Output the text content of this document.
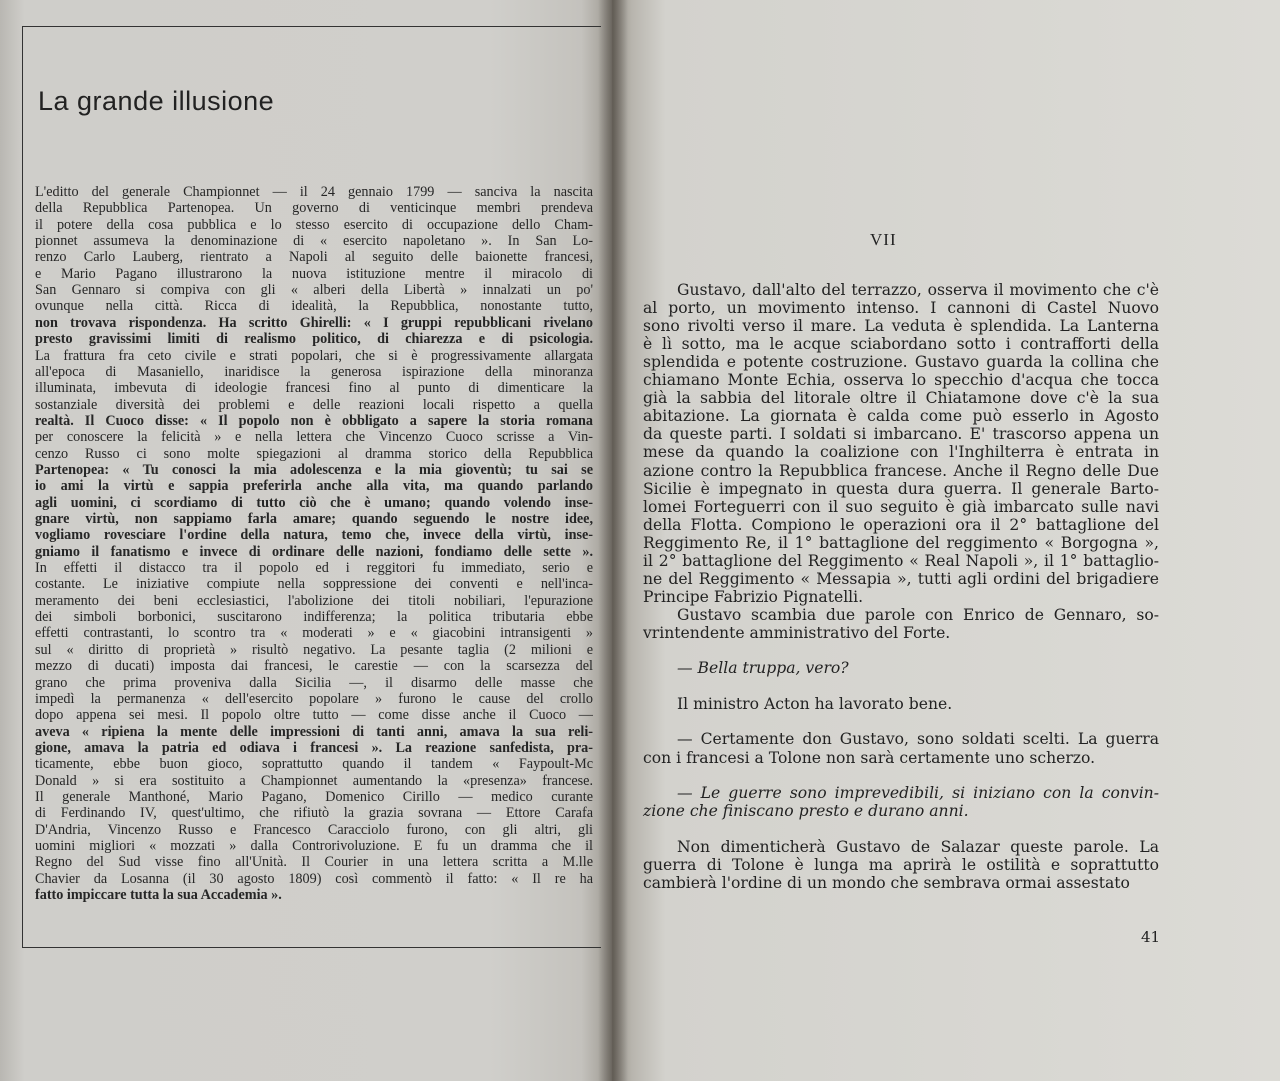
La grande illusione
L'editto del generale Championnet — il 24 gennaio 1799 — sanciva la nascita
della Repubblica Partenopea. Un governo di venticinque membri prendeva
il potere della cosa pubblica e lo stesso esercito di occupazione dello Cham-
pionnet assumeva la denominazione di « esercito napoletano ». In San Lo-
renzo Carlo Lauberg, rientrato a Napoli al seguito delle baionette francesi,
e Mario Pagano illustrarono la nuova istituzione mentre il miracolo di
San Gennaro si compiva con gli « alberi della Libertà » innalzati un po'
ovunque nella città. Ricca di idealità, la Repubblica, nonostante tutto,
non trovava rispondenza. Ha scritto Ghirelli: « I gruppi repubblicani rivelano
presto gravissimi limiti di realismo politico, di chiarezza e di psicologia.
La frattura fra ceto civile e strati popolari, che si è progressivamente allargata
all'epoca di Masaniello, inaridisce la generosa ispirazione della minoranza
illuminata, imbevuta di ideologie francesi fino al punto di dimenticare la
sostanziale diversità dei problemi e delle reazioni locali rispetto a quella
realtà. Il Cuoco disse: « Il popolo non è obbligato a sapere la storia romana
per conoscere la felicità » e nella lettera che Vincenzo Cuoco scrisse a Vin-
cenzo Russo ci sono molte spiegazioni al dramma storico della Repubblica
Partenopea: « Tu conosci la mia adolescenza e la mia gioventù; tu sai se
io ami la virtù e sappia preferirla anche alla vita, ma quando parlando
agli uomini, ci scordiamo di tutto ciò che è umano; quando volendo inse-
gnare virtù, non sappiamo farla amare; quando seguendo le nostre idee,
vogliamo rovesciare l'ordine della natura, temo che, invece della virtù, inse-
gniamo il fanatismo e invece di ordinare delle nazioni, fondiamo delle sette ».
In effetti il distacco tra il popolo ed i reggitori fu immediato, serio e
costante. Le iniziative compiute nella soppressione dei conventi e nell'inca-
meramento dei beni ecclesiastici, l'abolizione dei titoli nobiliari, l'epurazione
dei simboli borbonici, suscitarono indifferenza; la politica tributaria ebbe
effetti contrastanti, lo scontro tra « moderati » e « giacobini intransigenti »
sul « diritto di proprietà » risultò negativo. La pesante taglia (2 milioni e
mezzo di ducati) imposta dai francesi, le carestie — con la scarsezza del
grano che prima proveniva dalla Sicilia —, il disarmo delle masse che
impedì la permanenza « dell'esercito popolare » furono le cause del crollo
dopo appena sei mesi. Il popolo oltre tutto — come disse anche il Cuoco —
aveva « ripiena la mente delle impressioni di tanti anni, amava la sua reli-
gione, amava la patria ed odiava i francesi ». La reazione sanfedista, pra-
ticamente, ebbe buon gioco, soprattutto quando il tandem « Faypoult-Mc
Donald » si era sostituito a Championnet aumentando la «presenza» francese.
Il generale Manthoné, Mario Pagano, Domenico Cirillo — medico curante
di Ferdinando IV, quest'ultimo, che rifiutò la grazia sovrana — Ettore Carafa
D'Andria, Vincenzo Russo e Francesco Caracciolo furono, con gli altri, gli
uomini migliori « mozzati » dalla Controrivoluzione. E fu un dramma che il
Regno del Sud visse fino all'Unità. Il Courier in una lettera scritta a M.lle
Chavier da Losanna (il 30 agosto 1809) così commentò il fatto: « Il re ha
fatto impiccare tutta la sua Accademia ».
VII
Gustavo, dall'alto del terrazzo, osserva il movimento che c'è
al porto, un movimento intenso. I cannoni di Castel Nuovo
sono rivolti verso il mare. La veduta è splendida. La Lanterna
è lì sotto, ma le acque sciabordano sotto i contrafforti della
splendida e potente costruzione. Gustavo guarda la collina che
chiamano Monte Echia, osserva lo specchio d'acqua che tocca
già la sabbia del litorale oltre il Chiatamone dove c'è la sua
abitazione. La giornata è calda come può esserlo in Agosto
da queste parti. I soldati si imbarcano. E' trascorso appena un
mese da quando la coalizione con l'Inghilterra è entrata in
azione contro la Repubblica francese. Anche il Regno delle Due
Sicilie è impegnato in questa dura guerra. Il generale Barto-
lomei Forteguerri con il suo seguito è già imbarcato sulle navi
della Flotta. Compiono le operazioni ora il 2° battaglione del
Reggimento Re, il 1° battaglione del reggimento « Borgogna »,
il 2° battaglione del Reggimento « Real Napoli », il 1° battaglio-
ne del Reggimento « Messapia », tutti agli ordini del brigadiere
Principe Fabrizio Pignatelli.
Gustavo scambia due parole con Enrico de Gennaro, so-
vrintendente amministrativo del Forte.
— Bella truppa, vero?
Il ministro Acton ha lavorato bene.
— Certamente don Gustavo, sono soldati scelti. La guerra
con i francesi a Tolone non sarà certamente uno scherzo.
— Le guerre sono imprevedibili, si iniziano con la convin-
zione che finiscano presto e durano anni.
Non dimenticherà Gustavo de Salazar queste parole. La
guerra di Tolone è lunga ma aprirà le ostilità e soprattutto
cambierà l'ordine di un mondo che sembrava ormai assestato
41
